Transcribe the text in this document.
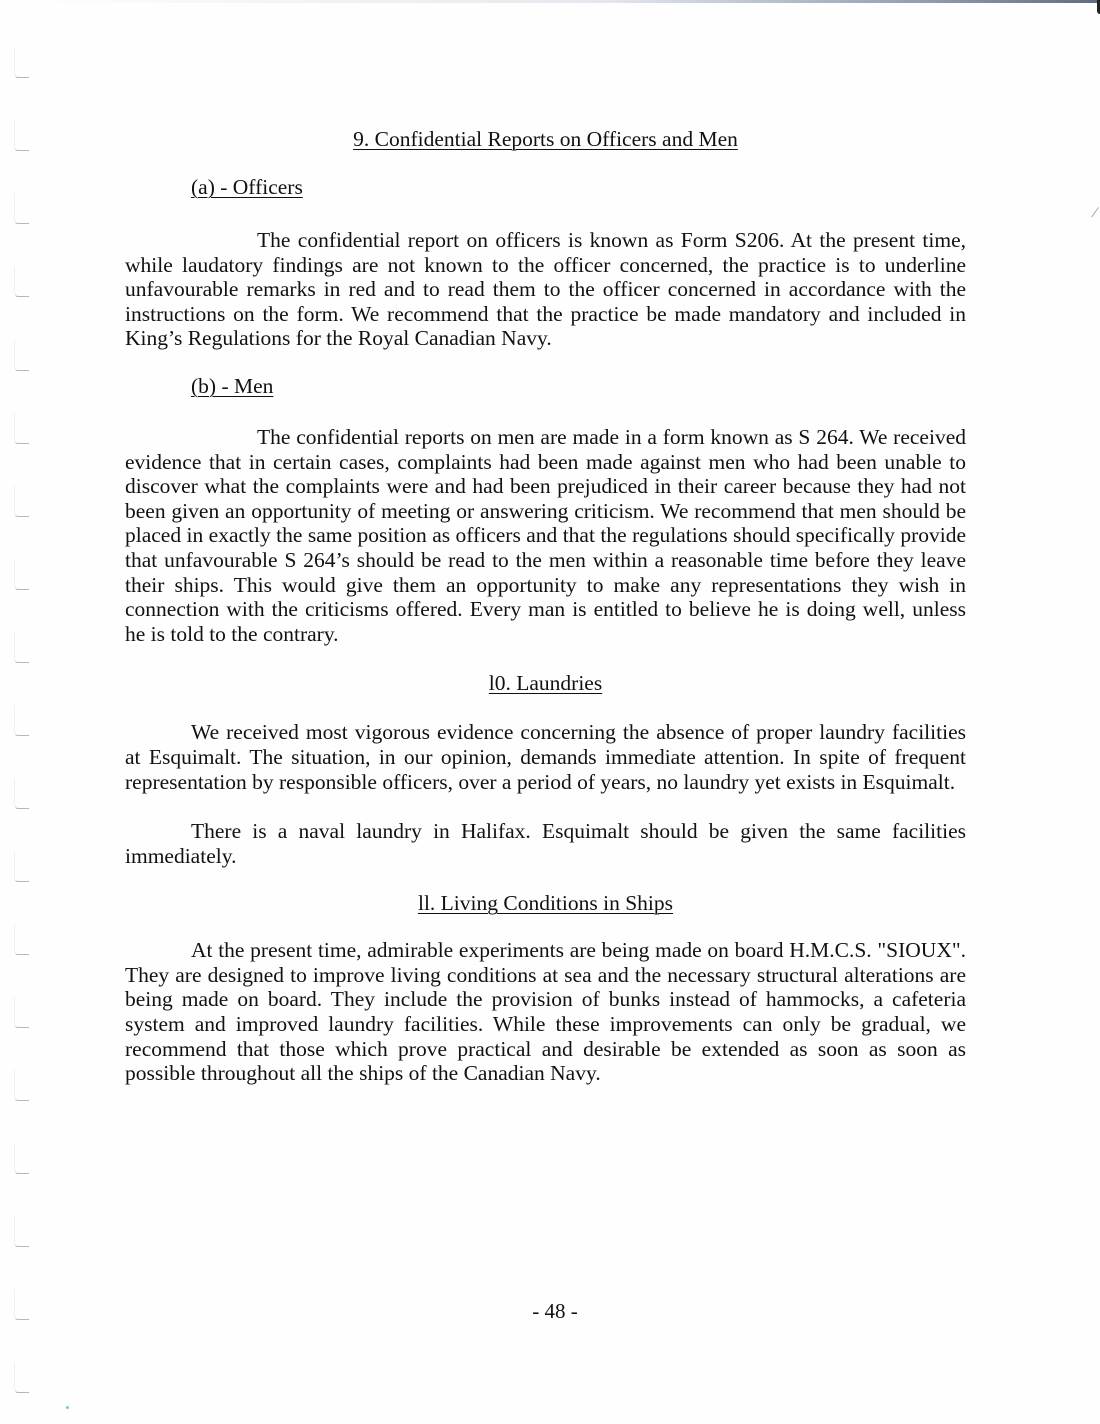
9. Confidential Reports on Officers and Men
(a) - Officers

The confidential report on officers is known as Form S206. At the present time, while laudatory findings are not known to the officer concerned, the practice is to underline unfavourable remarks in red and to read them to the officer concerned in accordance with the instructions on the form. We recommend that the practice be made mandatory and included in King’s Regulations for the Royal Canadian Navy.

(b) - Men

The confidential reports on men are made in a form known as S 264. We received evidence that in certain cases, complaints had been made against men who had been unable to discover what the complaints were and had been prejudiced in their career because they had not been given an opportunity of meeting or answering criticism. We recommend that men should be placed in exactly the same position as officers and that the regulations should specifically provide that unfavourable S 264’s should be read to the men within a reasonable time before they leave their ships. This would give them an opportunity to make any representations they wish in connection with the criticisms offered. Every man is entitled to believe he is doing well, unless he is told to the contrary.

l0. Laundries

We received most vigorous evidence concerning the absence of proper laundry facilities at Esquimalt. The situation, in our opinion, demands immediate attention. In spite of frequent representation by responsible officers, over a period of years, no laundry yet exists in Esquimalt.

There is a naval laundry in Halifax. Esquimalt should be given the same facilities immediately.

ll. Living Conditions in Ships

At the present time, admirable experiments are being made on board H.M.C.S. "SIOUX". They are designed to improve living conditions at sea and the necessary structural alterations are being made on board. They include the provision of bunks instead of hammocks, a cafeteria system and improved laundry facilities. While these improvements can only be gradual, we recommend that those which prove practical and desirable be extended as soon as soon as possible throughout all the ships of the Canadian Navy.

- 48 -
